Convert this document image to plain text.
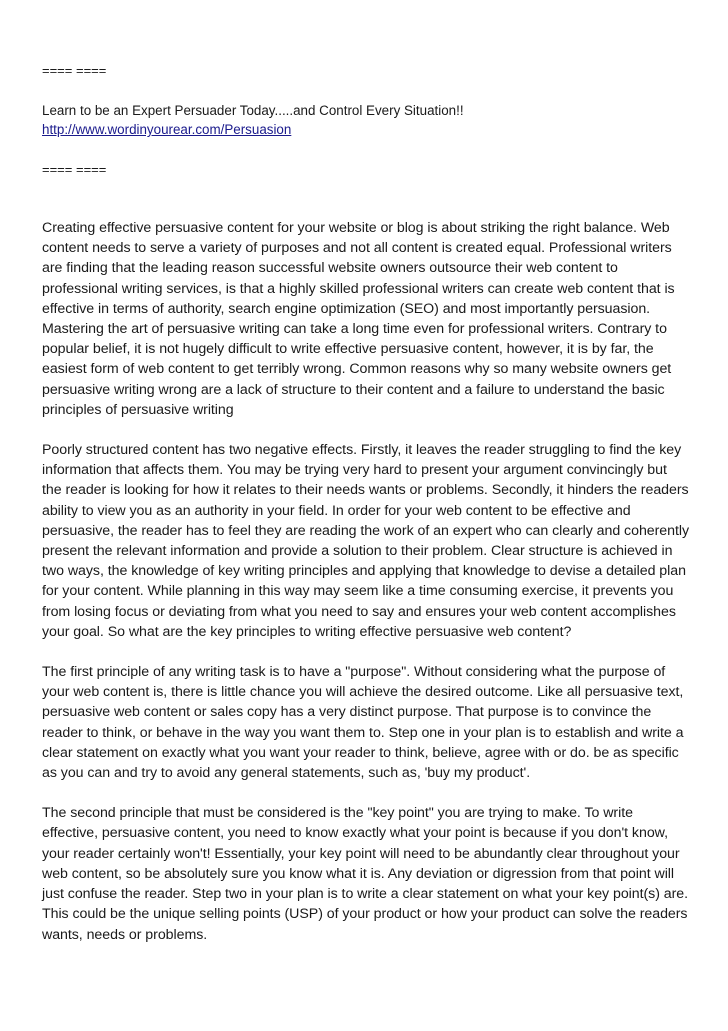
==== ====

Learn to be an Expert Persuader Today.....and Control Every Situation!!

http://www.wordinyourear.com/Persuasion

==== ====

Creating effective persuasive content for your website or blog is about striking the right balance. Web content needs to serve a variety of purposes and not all content is created equal. Professional writers are finding that the leading reason successful website owners outsource their web content to professional writing services, is that a highly skilled professional writers can create web content that is effective in terms of authority, search engine optimization (SEO) and most importantly persuasion. Mastering the art of persuasive writing can take a long time even for professional writers. Contrary to popular belief, it is not hugely difficult to write effective persuasive content, however, it is by far, the easiest form of web content to get terribly wrong. Common reasons why so many website owners get persuasive writing wrong are a lack of structure to their content and a failure to understand the basic principles of persuasive writing

Poorly structured content has two negative effects. Firstly, it leaves the reader struggling to find the key information that affects them. You may be trying very hard to present your argument convincingly but the reader is looking for how it relates to their needs wants or problems. Secondly, it hinders the readers ability to view you as an authority in your field. In order for your web content to be effective and persuasive, the reader has to feel they are reading the work of an expert who can clearly and coherently present the relevant information and provide a solution to their problem. Clear structure is achieved in two ways, the knowledge of key writing principles and applying that knowledge to devise a detailed plan for your content. While planning in this way may seem like a time consuming exercise, it prevents you from losing focus or deviating from what you need to say and ensures your web content accomplishes your goal. So what are the key principles to writing effective persuasive web content?

The first principle of any writing task is to have a "purpose". Without considering what the purpose of your web content is, there is little chance you will achieve the desired outcome. Like all persuasive text, persuasive web content or sales copy has a very distinct purpose. That purpose is to convince the reader to think, or behave in the way you want them to. Step one in your plan is to establish and write a clear statement on exactly what you want your reader to think, believe, agree with or do. be as specific as you can and try to avoid any general statements, such as, 'buy my product'.

The second principle that must be considered is the "key point" you are trying to make. To write effective, persuasive content, you need to know exactly what your point is because if you don't know, your reader certainly won't! Essentially, your key point will need to be abundantly clear throughout your web content, so be absolutely sure you know what it is. Any deviation or digression from that point will just confuse the reader. Step two in your plan is to write a clear statement on what your key point(s) are. This could be the unique selling points (USP) of your product or how your product can solve the readers wants, needs or problems.
